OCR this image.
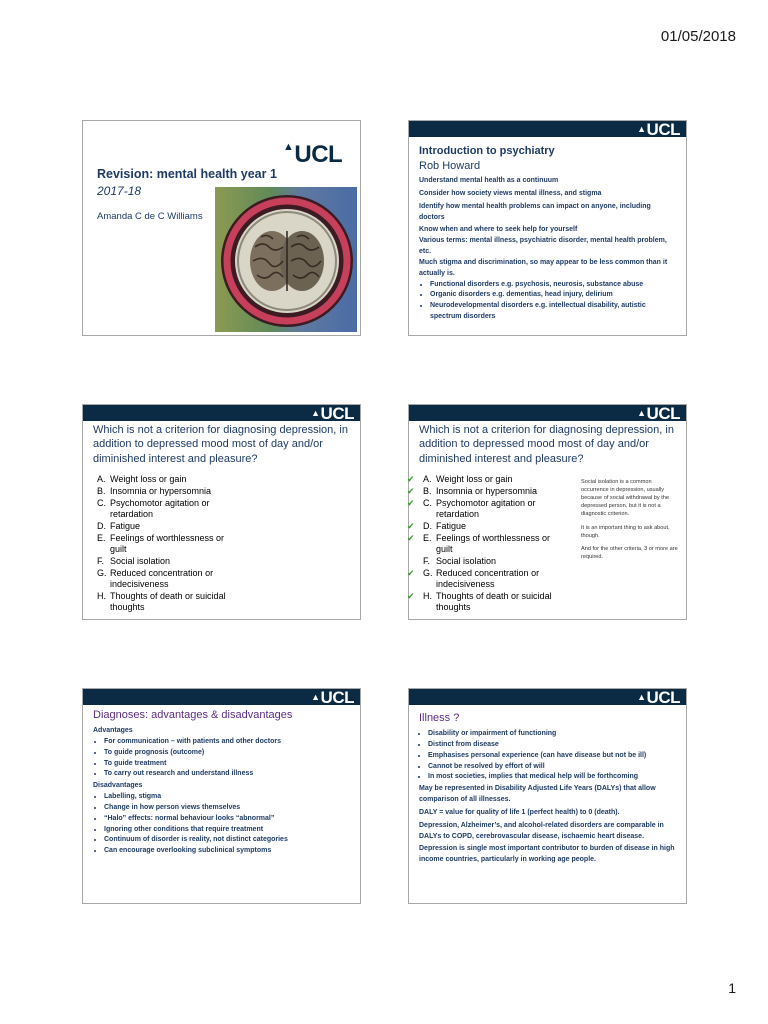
01/05/2018
▲UCL
Revision: mental health year 1
2017-18
Amanda C de C Williams
▲UCL
Introduction to psychiatry
Rob Howard

Understand mental health as a continuum

Consider how society views mental illness, and stigma

Identify how mental health problems can impact on anyone, including doctors

Know when and where to seek help for yourself

Various terms: mental illness, psychiatric disorder, mental health problem, etc.

Much stigma and discrimination, so may appear to be less common than it actually is.

• Functional disorders e.g. psychosis, neurosis, substance abuse
• Organic disorders e.g. dementias, head injury, delirium
• Neurodevelopmental disorders e.g. intellectual disability, autistic spectrum disorders
▲UCL
Which is not a criterion for diagnosing depression, in addition to depressed mood most of day and/or diminished interest and pleasure?
A. Weight loss or gain
B. Insomnia or hypersomnia
C. Psychomotor agitation or retardation
D. Fatigue
E. Feelings of worthlessness or guilt
F. Social isolation
G. Reduced concentration or indecisiveness
H. Thoughts of death or suicidal thoughts
▲UCL
Which is not a criterion for diagnosing depression, in addition to depressed mood most of day and/or diminished interest and pleasure?
✔ A. Weight loss or gain
✔ B. Insomnia or hypersomnia
✔ C. Psychomotor agitation or retardation
✔ D. Fatigue
✔ E. Feelings of worthlessness or guilt
F. Social isolation
✔ G. Reduced concentration or indecisiveness
✔ H. Thoughts of death or suicidal thoughts

Social isolation is a common occurrence in depression, usually because of social withdrawal by the depressed person, but it is not a diagnostic criterion.

It is an important thing to ask about, though.

And for the other criteria, 3 or more are required.

▲UCL
Diagnoses: advantages & disadvantages

Advantages

• For communication – with patients and other doctors
• To guide prognosis (outcome)
• To guide treatment
• To carry out research and understand illness

Disadvantages

• Labelling, stigma
• Change in how person views themselves
• “Halo” effects: normal behaviour looks “abnormal”
• Ignoring other conditions that require treatment
• Continuum of disorder is reality, not distinct categories
• Can encourage overlooking subclinical symptoms
▲UCL
Illness ?
• Disability or impairment of functioning
• Distinct from disease
• Emphasises personal experience (can have disease but not be ill)
• Cannot be resolved by effort of will
• In most societies, implies that medical help will be forthcoming

May be represented in Disability Adjusted Life Years (DALYs) that allow comparison of all illnesses.

DALY = value for quality of life 1 (perfect health) to 0 (death).

Depression, Alzheimer’s, and alcohol-related disorders are comparable in DALYs to COPD, cerebrovascular disease, ischaemic heart disease.

Depression is single most important contributor to burden of disease in high income countries, particularly in working age people.

1
